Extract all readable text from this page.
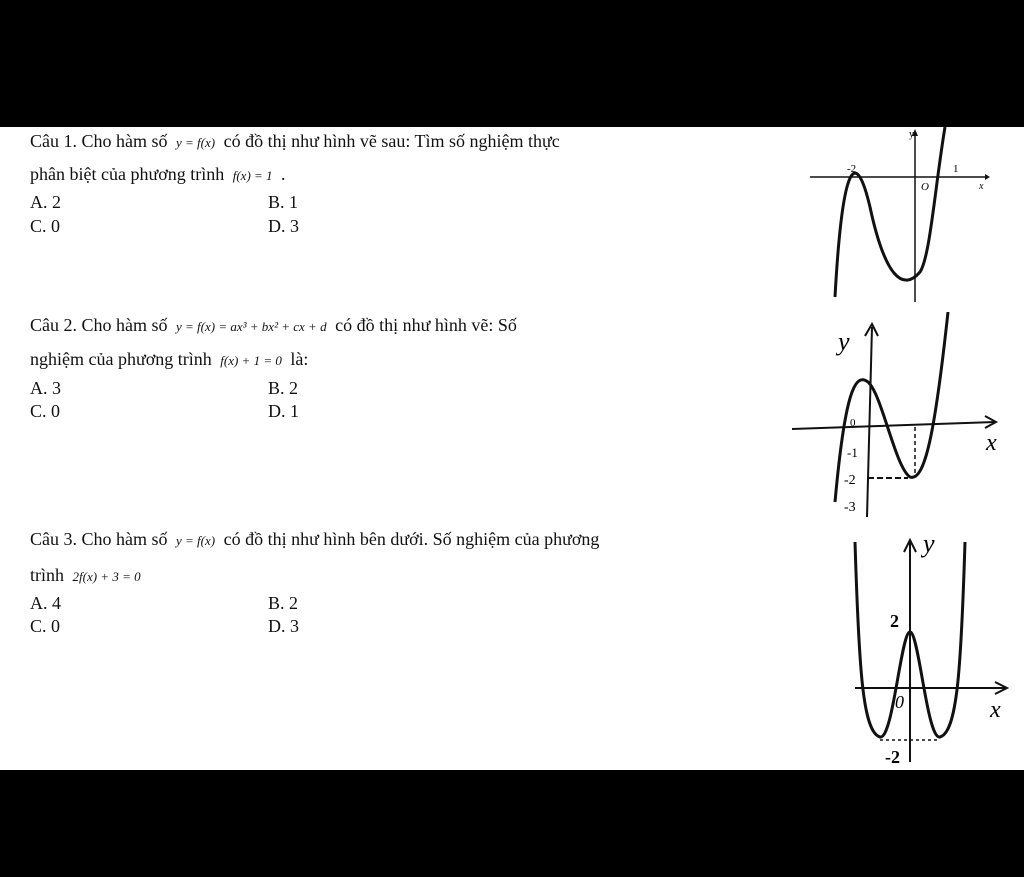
Câu 1. Cho hàm số y = f(x) có đồ thị như hình vẽ sau: Tìm số nghiệm thực
phân biệt của phương trình f(x) = 1 .
A. 2	B. 1
C. 0	D. 3
y
-2	1
O	x
Câu 2. Cho hàm số y = f(x) = ax³ + bx² + cx + d có đồ thị như hình vẽ: Số
nghiệm của phương trình f(x) + 1 = 0 là:
A. 3	B. 2
C. 0	D. 1
y
x
0
-1
-2
-3
Câu 3. Cho hàm số y = f(x) có đồ thị như hình bên dưới. Số nghiệm của phương
trình 2f(x) + 3 = 0
A. 4	B. 2
C. 0	D. 3
y
2
0	x
-2
